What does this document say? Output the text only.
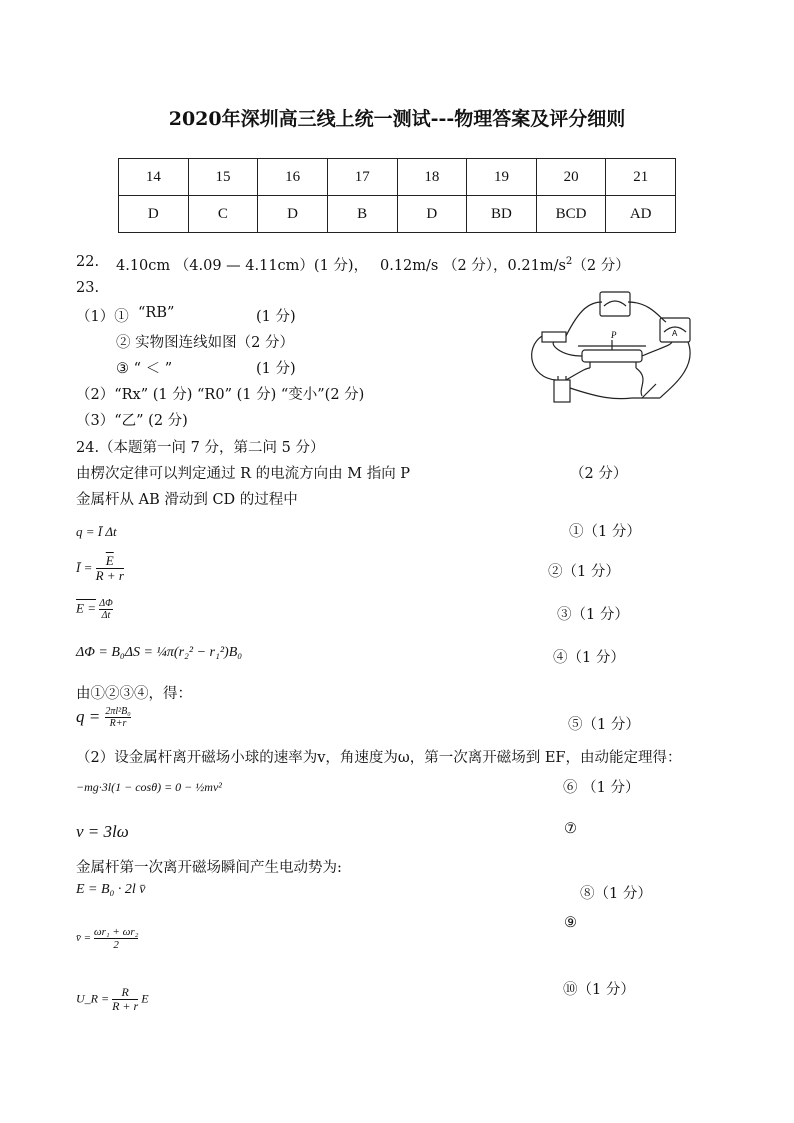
2020年深圳高三线上统一测试---物理答案及评分细则
14	15	16	17	18	19	20	21
D	C	D	B	D	BD	BCD	AD
22. 4.10cm （4.09 — 4.11cm）(1 分)， 0.12m/s （2 分），$0.21m/s^2(2$ 分）
23.
（1）① “RB”	(1 分)
② 实物图连线如图（2 分）
③ “ ＜ ”	(1 分)
（2）“Rx” (1 分) “R0” (1 分) “变小”(2 分)
（3）“乙” (2 分)
P	A
24.（本题第一问 7 分，第二问 5 分）
由楞次定律可以判定通过 R 的电流方向由 M 指向 P	（2 分）
金属杆从 AB 滑动到 CD 的过程中
q = Ī Δt	①（1 分）
Ī = $\frac{\overline{E}}{R + r}$	②（1 分）
$E = \frac{\Delta\Phi}{\Delta t}$	③（1 分）
ΔΦ = B₀ΔS = ¼π(r₂² − r₁²)B₀	④（1 分）
由①②③④，得：
$q = \frac{\text{2πl²B₀}}{R+r}$	⑤（1 分）
（2）设金属杆离开磁场小球的速率为v，角速度为ω，第一次离开磁场到 EF，由动能定理得：
−mg·3l(1 − cosθ) = 0 − ½mv²	⑥ （1 分）
v = 3lω	⑦
金属杆第一次离开磁场瞬间产生电动势为:
E = B₀ · 2l v̄	⑧（1 分）
⑨
v̄ = $\frac{\text{ωr₁ + ωr₂}}{2}$
⑩（1 分）
U_R = $\frac{R}{R + r}$ E
